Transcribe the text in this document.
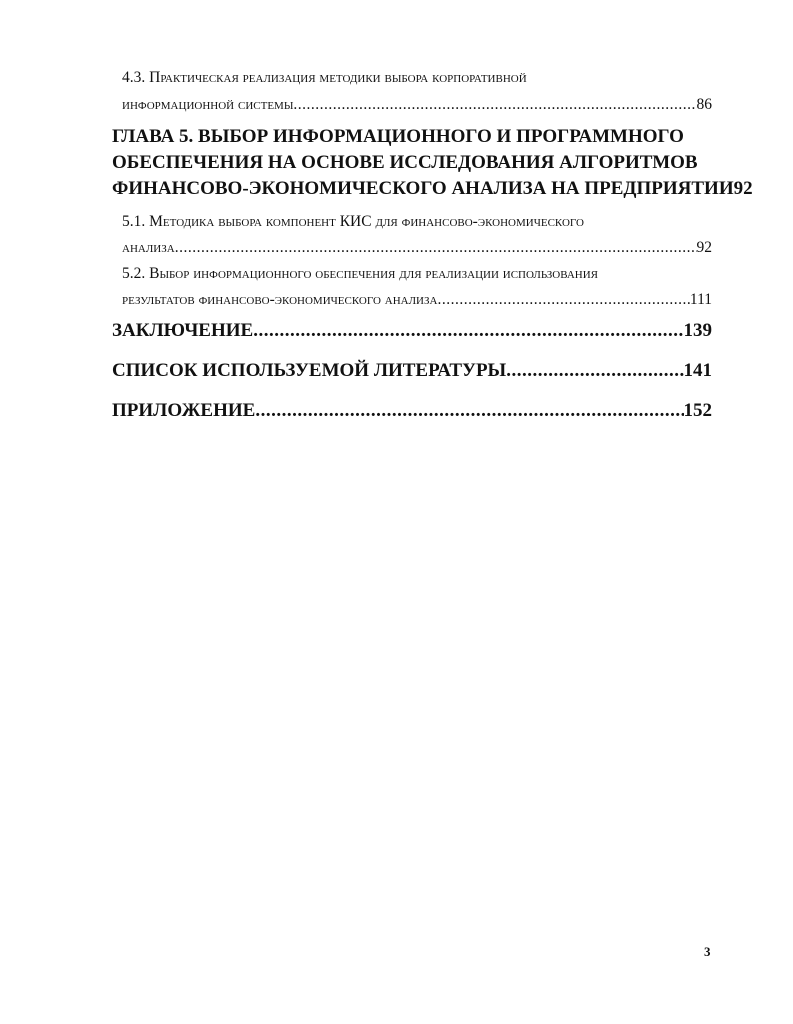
4.3. Практическая реализация методики выбора корпоративной
информационной системы .....	86
ГЛАВА 5. ВЫБОР ИНФОРМАЦИОННОГО И ПРОГРАММНОГО
ОБЕСПЕЧЕНИЯ НА ОСНОВЕ ИССЛЕДОВАНИЯ АЛГОРИТМОВ
ФИНАНСОВО-ЭКОНОМИЧЕСКОГО АНАЛИЗА НА ПРЕДПРИЯТИИ 92
5.1. Методика выбора компонент КИС для финансово-экономического
анализа .....	92
5.2. Выбор информационного обеспечения для реализации использования
результатов финансово-экономического анализа .....	111
ЗАКЛЮЧЕНИЕ .....	139
СПИСОК ИСПОЛЬЗУЕМОЙ ЛИТЕРАТУРЫ .....	141
ПРИЛОЖЕНИЕ .....	152
3
